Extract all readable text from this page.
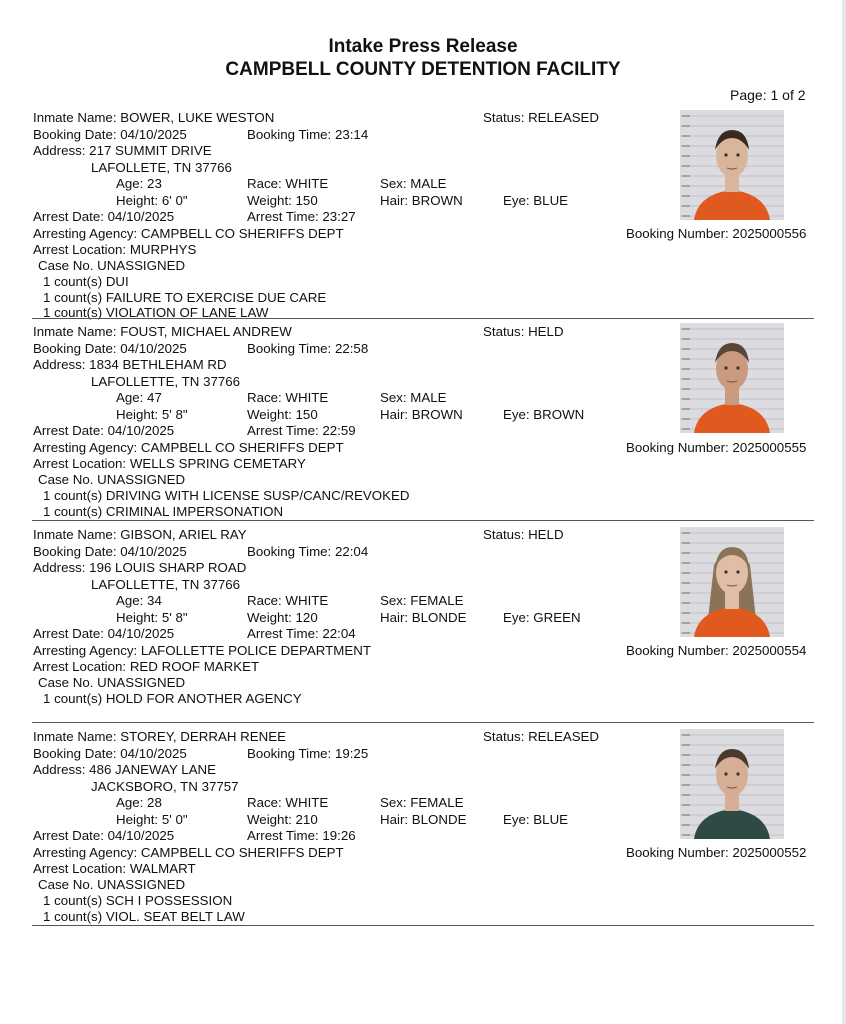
Intake Press Release
CAMPBELL COUNTY DETENTION FACILITY
Page: 1 of 2
Inmate Name: BOWER, LUKE WESTON	Status: RELEASED
Booking Date: 04/10/2025	Booking Time: 23:14
Address: 217 SUMMIT DRIVE
LAFOLLETE, TN 37766
Age: 23	Race: WHITE	Sex: MALE
Height: 6' 0"	Weight: 150	Hair: BROWN	Eye: BLUE
Arrest Date: 04/10/2025	Arrest Time: 23:27
Arresting Agency: CAMPBELL CO SHERIFFS DEPT	Booking Number: 2025000556
Arrest Location: MURPHYS
Case No. UNASSIGNED
1 count(s) DUI
1 count(s) FAILURE TO EXERCISE DUE CARE
1 count(s) VIOLATION OF LANE LAW
Inmate Name: FOUST, MICHAEL ANDREW	Status: HELD
Booking Date: 04/10/2025	Booking Time: 22:58
Address: 1834 BETHLEHAM RD
LAFOLLETTE, TN 37766
Age: 47	Race: WHITE	Sex: MALE
Height: 5' 8"	Weight: 150	Hair: BROWN	Eye: BROWN
Arrest Date: 04/10/2025	Arrest Time: 22:59
Arresting Agency: CAMPBELL CO SHERIFFS DEPT	Booking Number: 2025000555
Arrest Location: WELLS SPRING CEMETARY
Case No. UNASSIGNED
1 count(s) DRIVING WITH LICENSE SUSP/CANC/REVOKED
1 count(s) CRIMINAL IMPERSONATION
Inmate Name: GIBSON, ARIEL RAY	Status: HELD
Booking Date: 04/10/2025	Booking Time: 22:04
Address: 196 LOUIS SHARP ROAD
LAFOLLETTE, TN 37766
Age: 34	Race: WHITE	Sex: FEMALE
Height: 5' 8"	Weight: 120	Hair: BLONDE	Eye: GREEN
Arrest Date: 04/10/2025	Arrest Time: 22:04
Arresting Agency: LAFOLLETTE POLICE DEPARTMENT	Booking Number: 2025000554
Arrest Location: RED ROOF MARKET
Case No. UNASSIGNED
1 count(s) HOLD FOR ANOTHER AGENCY
Inmate Name: STOREY, DERRAH RENEE	Status: RELEASED
Booking Date: 04/10/2025	Booking Time: 19:25
Address: 486 JANEWAY LANE
JACKSBORO, TN 37757
Age: 28	Race: WHITE	Sex: FEMALE
Height: 5' 0"	Weight: 210	Hair: BLONDE	Eye: BLUE
Arrest Date: 04/10/2025	Arrest Time: 19:26
Arresting Agency: CAMPBELL CO SHERIFFS DEPT	Booking Number: 2025000552
Arrest Location: WALMART
Case No. UNASSIGNED
1 count(s) SCH I POSSESSION
1 count(s) VIOL. SEAT BELT LAW
